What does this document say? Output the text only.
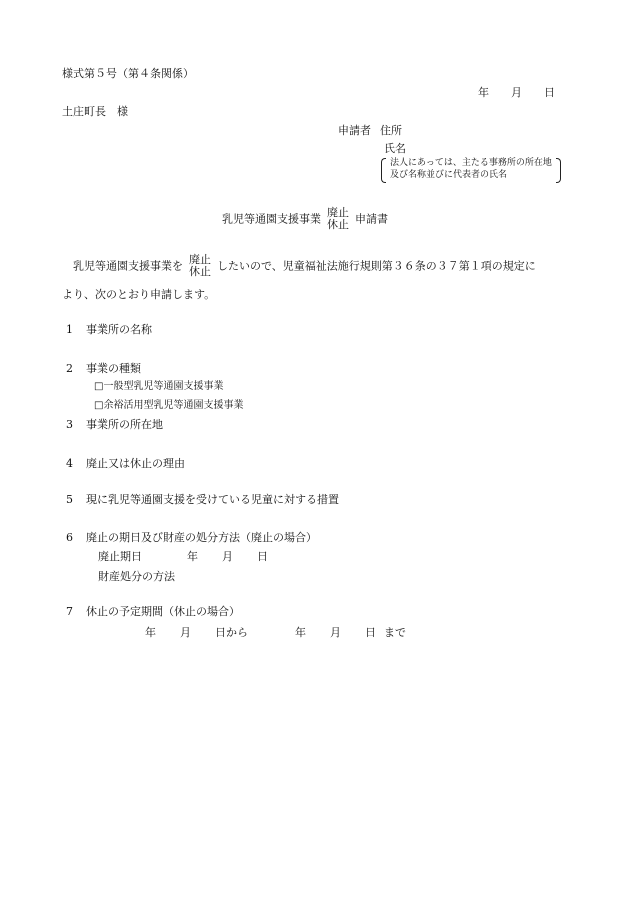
様式第５号（第４条関係）
年 月 日
土庄町長　様
申請者 住所
氏名
法人にあっては、主たる事務所の所在地
及び名称並びに代表者の氏名
乳児等通園支援事業 廃止
休止 申請書
乳児等通園支援事業を 廃止
休止 したいので、児童福祉法施行規則第３６条の３７第１項の規定に
より、次のとおり申請します。
1 事業所の名称
2 事業の種類
□一般型乳児等通園支援事業
□余裕活用型乳児等通園支援事業
3 事業所の所在地
4 廃止又は休止の理由
5 現に乳児等通園支援を受けている児童に対する措置
6 廃止の期日及び財産の処分方法（廃止の場合）
廃止期日	年 月 日
財産処分の方法
7 休止の予定期間（休止の場合）
年 月 日から	年 月 日 まで
